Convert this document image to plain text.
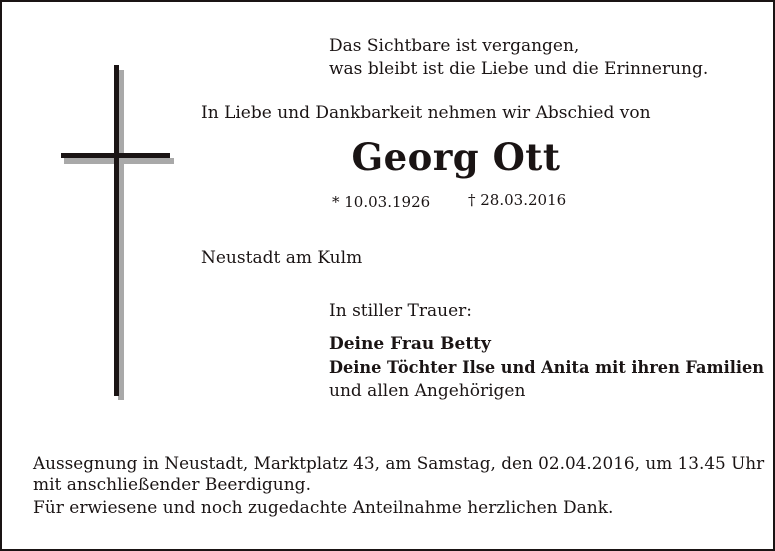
Das Sichtbare ist vergangen,
was bleibt ist die Liebe und die Erinnerung.
In Liebe und Dankbarkeit nehmen wir Abschied von
Georg Ott
* 10.03.1926	† 28.03.2016
Neustadt am Kulm
In stiller Trauer:
Deine Frau Betty
Deine Töchter Ilse und Anita mit ihren Familien
und allen Angehörigen
Aussegnung in Neustadt, Marktplatz 43, am Samstag, den 02.04.2016, um 13.45 Uhr
mit anschließender Beerdigung.
Für erwiesene und noch zugedachte Anteilnahme herzlichen Dank.
